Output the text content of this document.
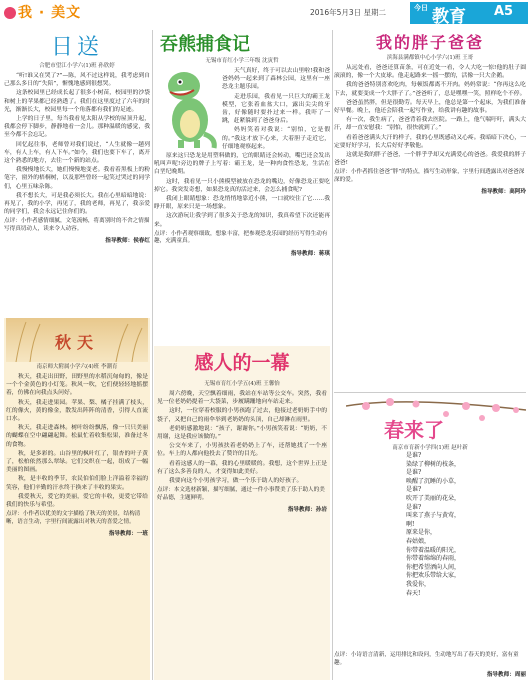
我 · 美文	2016年5月3日 星期二	今日 教育 A5
日送
合肥市望江小学六(1)班 孙欣婷

“听!谁又在哭了?”—陈，风不过这样说，我考虑到自己那么多日的“失陪”，惭愧地感到很想哭。

这条校园里已经成长起了很多小树苗，校园里的沙袋和树上的苹果都已经熟透了。我们在这里度过了六年的时光，渐渐长大，校园里每一个角落都有我们的足迹。

上学的日子里，每当我看见太阳从学校的屋顶升起，我都会停下脚步，静静地看一会儿。那种温暖的感觉，我至今都不会忘记。

回忆起往事，老师曾对我们说过，“人生就像一趟列车，有人上车，有人下车。”如今，我们也要下车了，离开这个熟悉的地方，去往一个新的站点。

我慢慢地长大，她们慢慢地变老。我看着黑板上的粉笔字，窗外的梧桐树，以及那些曾经一起笑过哭过的同学们，心里五味杂陈。

我不想长大，可是我必须长大。我在心里暗暗地说：再见了，我的小学，再见了，我的老师，再见了，我亲爱的同学们，我会永远记住你们的。

点评：小作者感情细腻，文笔流畅，将离别时的不舍之情描写得真切动人，读来令人动容。
指导教师：侯春红
秋天
南京师大附属小学六(4)班 李潮育

秋天，我走出田野，田野里的水稻沉甸甸的，像是一个个金黄色的小灯笼。秋风一吹，它们便轻轻地摇摆着，仿佛在向我点头问好。

秋天，我走进果园。苹果、梨、橘子挂满了枝头，红的像火，黄的像金，散发出阵阵的清香，引得人直流口水。

秋天，我走进森林。树叶纷纷飘落，像一只只美丽的蝴蝶在空中翩翩起舞。松鼠忙着收集松果，准备过冬的食物。

秋，是多彩的。山谷里的枫叶红了，银杏的叶子黄了，松柏依然那么翠绿。它们交织在一起，组成了一幅美丽的图画。

秋，是丰收的季节，农民伯伯们脸上洋溢着幸福的笑容，他们辛勤的汗水终于换来了丰收的果实。

我爱秋天，爱它的美丽，爱它的丰收，更爱它带给我们的快乐与希望。

点评：小作者以优美的文字描绘了秋天的美景，结构清晰，语言生动，字里行间流露出对秋天的喜爱之情。
指导教师：一班
吞熊捕食记
无锡市育红小学三年级 沈寅哲

天气真好，终于可以去山里啦!我和爸爸妈妈一起来到了森林公园，这里有一座恐龙主题乐园。

走进乐园，我看见一只巨大的霸王龙模型，它张着血盆大口，露出尖尖的牙齿，好像随时要扑过来一样。我吓了一跳，赶紧躲到了爸爸身后。

妈妈笑着对我说：“别怕，它是假的。”我这才放下心来，大着胆子走近它，仔细地观察起来。

原来这只恐龙是用塑料做的，它的眼睛还会转动，嘴巴还会发出吼叫声呢!旁边的牌子上写着：霸王龙，是一种肉食性恐龙，生活在白垩纪晚期。

这时，我看见一只小熊模型被放在恐龙的嘴边，好像恐龙正要吃掉它。我突发奇想，如果恐龙真的活过来，会怎么捕食呢?

我闭上眼睛想象：恐龙悄悄地靠近小熊，一口就咬住了它……我睁开眼，原来只是一场想象。

这次游玩让我学到了很多关于恐龙的知识，我真希望下次还能再来。

点评：小作者观察细致，想象丰富，把参观恐龙乐园的经历写得生动有趣，充满童真。
指导教师：蒋琪
感人的一幕
无锡市育红小学五(4)班 王馨怡

周六傍晚，天空飘着细雨，我站在车站等公交车。突然，我看见一位老奶奶提着一大袋菜，步履蹒跚地向车站走来。

这时，一位穿着校服的小男孩跑了过去，他接过老奶奶手中的袋子，又把自己的雨伞举到老奶奶的头顶，自己却淋在雨里。

老奶奶感激地说：“孩子，谢谢你。”小男孩笑着说：“奶奶，不用谢，这是我应该做的。”

公交车来了，小男孩扶着老奶奶上了车，还帮她找了一个座位。车上的人都向他投去了赞许的目光。

看着这感人的一幕，我的心里暖暖的。我想，这个世界上正是有了这么多善良的人，才变得如此美好。

我要向这个小男孩学习，做一个乐于助人的好孩子。

点评：本文选材新颖，描写细腻，通过一件小事赞美了乐于助人的美好品德，主题鲜明。
指导教师：孙岩
我的胖子爸爸
滨海县满都镇中心小学六(1)班 王哥

从远处看，爸爸还算苗条，可在近处一看，令人大吃一惊!他的肚子圆滚滚的，像一个大皮球。他走起路来一摇一摆的，活像一只大企鹅。

我的爸爸特别喜欢吃肉，每顿饭都离不开肉。妈妈常说：“你再这么吃下去，就要变成一个大胖子了。”爸爸听了，总是嘿嘿一笑，照样吃个不停。

爸爸虽然胖，但是很勤劳。每天早上，他总是第一个起床，为我们准备好早餐。晚上，他还会陪我一起写作业，给我讲有趣的故事。

有一次，我生病了，爸爸背着我去医院。一路上，他气喘吁吁，满头大汗，却一直安慰我：“别怕，很快就到了。”

看着爸爸满头大汗的样子，我的心里既感动又心疼。我暗暗下决心，一定要好好学习，长大后好好孝敬他。

这就是我的胖子爸爸，一个胖乎乎却又充满爱心的爸爸。我爱我的胖子爸爸!

点评：小作者抓住爸爸“胖”的特点，描写生动形象，字里行间透露出对爸爸深深的爱。
指导教师：高阿玲
春来了
南京市育新小学四(1)班 赵叶新
是谁?
染绿了柳树的枝条，
是谁?
唤醒了沉睡的小草，
是谁?
吹开了美丽的花朵，
是谁?
叫来了燕子与黄莺，
啊!
原来是你，
春姑娘，
你带着温暖的阳光，
你带着绵绵的春雨，
你把希望洒向人间，
你把欢乐带给大家，
我爱你，
春天!
点评：小诗语言清新，运用排比和设问，生动地写出了春天的美好，富有童趣。
指导教师：周丽
